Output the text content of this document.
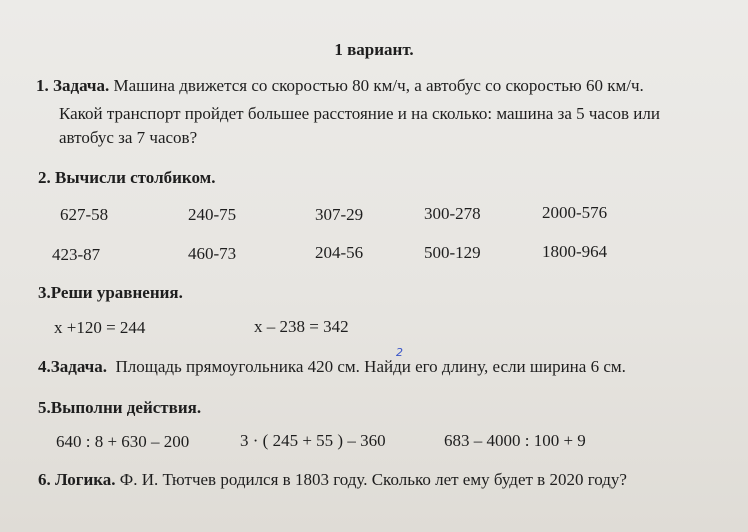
1 вариант.
1. Задача. Машина движется со скоростью 80 км/ч, а автобус со скоростью 60 км/ч.
Какой транспорт пройдет большее расстояние и на сколько: машина за 5 часов или
автобус за 7 часов?
2. Вычисли столбиком.
627-58	240-75	307-29	300-278	2000-576
423-87	460-73	204-56	500-129	1800-964
3.Реши уравнения.
х +120 = 244	х – 238 = 342
4.Задача. Площадь прямоугольника 420 см. Найди его длину, если ширина 6 см.
2
5.Выполни действия.
640 : 8 + 630 – 200	3 · ( 245 + 55 ) – 360	683 – 4000 : 100 + 9
6. Логика. Ф. И. Тютчев родился в 1803 году. Сколько лет ему будет в 2020 году?
